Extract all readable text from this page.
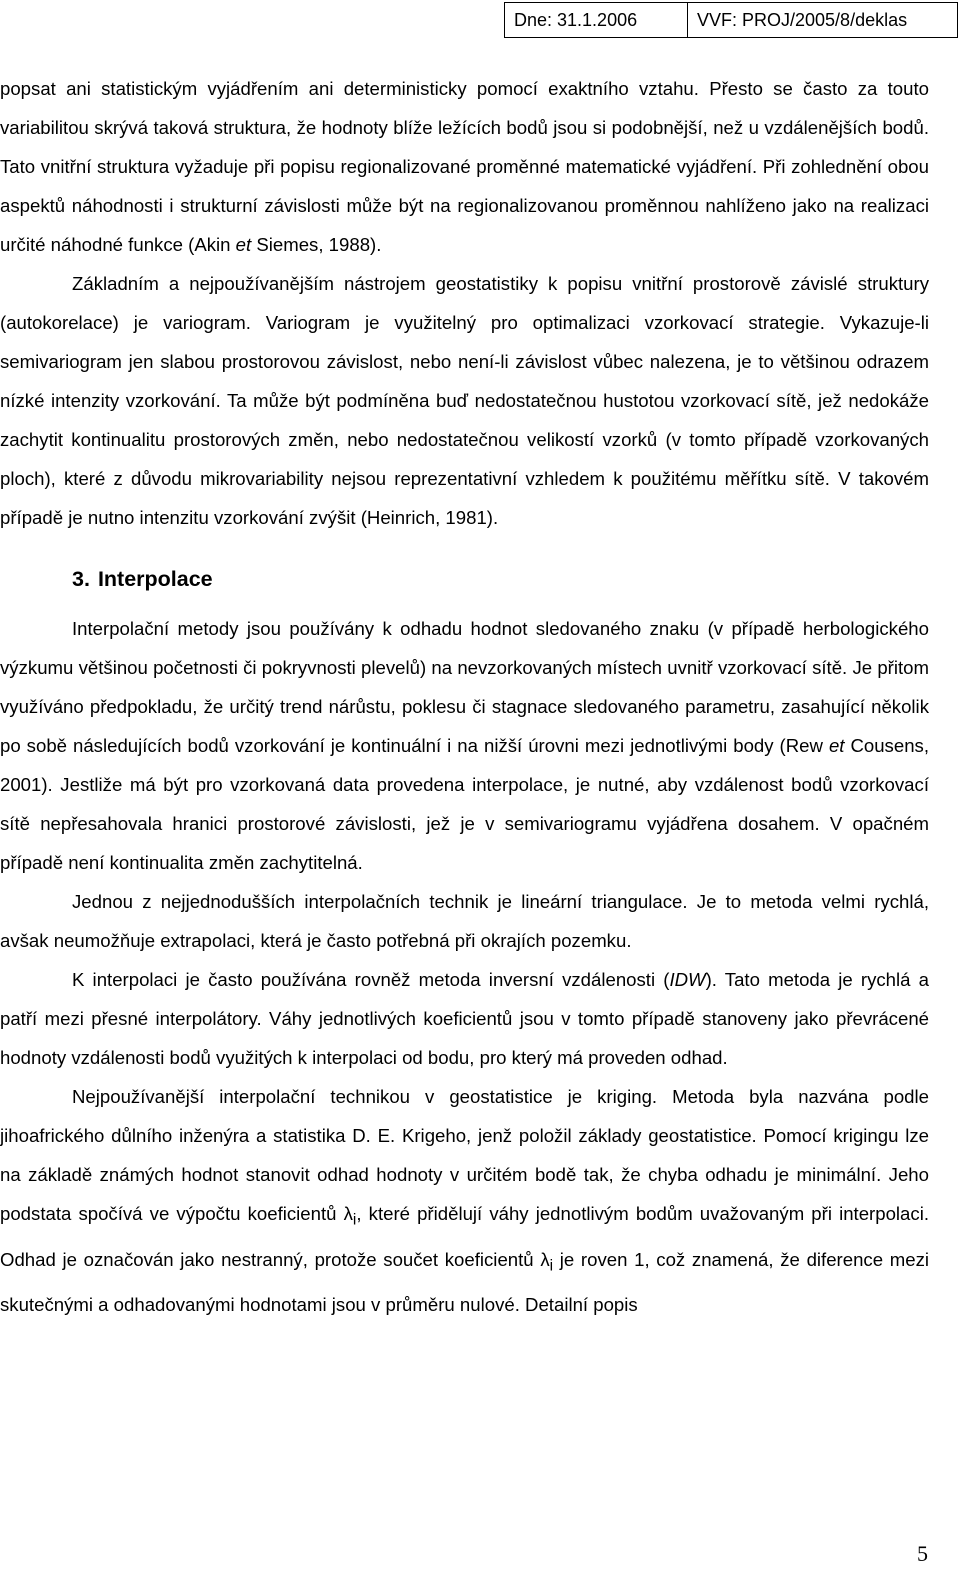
Dne: 31.1.2006	VVF: PROJ/2005/8/deklas

popsat ani statistickým vyjádřením ani deterministicky pomocí exaktního vztahu. Přesto se často za touto variabilitou skrývá taková struktura, že hodnoty blíže ležících bodů jsou si podobnější, než u vzdálenějších bodů. Tato vnitřní struktura vyžaduje při popisu regionalizované proměnné matematické vyjádření. Při zohlednění obou aspektů náhodnosti i strukturní závislosti může být na regionalizovanou proměnnou nahlíženo jako na realizaci určité náhodné funkce (Akin et Siemes, 1988).

Základním a nejpoužívanějším nástrojem geostatistiky k popisu vnitřní prostorově závislé struktury (autokorelace) je variogram. Variogram je využitelný pro optimalizaci vzorkovací strategie. Vykazuje-li semivariogram jen slabou prostorovou závislost, nebo není-li závislost vůbec nalezena, je to většinou odrazem nízké intenzity vzorkování. Ta může být podmíněna buď nedostatečnou hustotou vzorkovací sítě, jež nedokáže zachytit kontinualitu prostorových změn, nebo nedostatečnou velikostí vzorků (v tomto případě vzorkovaných ploch), které z důvodu mikrovariability nejsou reprezentativní vzhledem k použitému měřítku sítě. V takovém případě je nutno intenzitu vzorkování zvýšit (Heinrich, 1981).

3. Interpolace

Interpolační metody jsou používány k odhadu hodnot sledovaného znaku (v případě herbologického výzkumu většinou početnosti či pokryvnosti plevelů) na nevzorkovaných místech uvnitř vzorkovací sítě. Je přitom využíváno předpokladu, že určitý trend nárůstu, poklesu či stagnace sledovaného parametru, zasahující několik po sobě následujících bodů vzorkování je kontinuální i na nižší úrovni mezi jednotlivými body (Rew et Cousens, 2001). Jestliže má být pro vzorkovaná data provedena interpolace, je nutné, aby vzdálenost bodů vzorkovací sítě nepřesahovala hranici prostorové závislosti, jež je v semivariogramu vyjádřena dosahem. V opačném případě není kontinualita změn zachytitelná.

Jednou z nejjednodušších interpolačních technik je lineární triangulace. Je to metoda velmi rychlá, avšak neumožňuje extrapolaci, která je často potřebná při okrajích pozemku.

K interpolaci je často používána rovněž metoda inversní vzdálenosti (IDW). Tato metoda je rychlá a patří mezi přesné interpolátory. Váhy jednotlivých koeficientů jsou v tomto případě stanoveny jako převrácené hodnoty vzdálenosti bodů využitých k interpolaci od bodu, pro který má proveden odhad.

Nejpoužívanější interpolační technikou v geostatistice je kriging. Metoda byla nazvána podle jihoafrického důlního inženýra a statistika D. E. Krigeho, jenž položil základy geostatistice. Pomocí krigingu lze na základě známých hodnot stanovit odhad hodnoty v určitém bodě tak, že chyba odhadu je minimální. Jeho podstata spočívá ve výpočtu koeficientů $\lambda_i$, které přidělují váhy jednotlivým bodům uvažovaným při interpolaci. Odhad je označován jako nestranný, protože součet koeficientů $\lambda_i$ je roven 1, což znamená, že diference mezi skutečnými a odhadovanými hodnotami jsou v průměru nulové. Detailní popis

5
